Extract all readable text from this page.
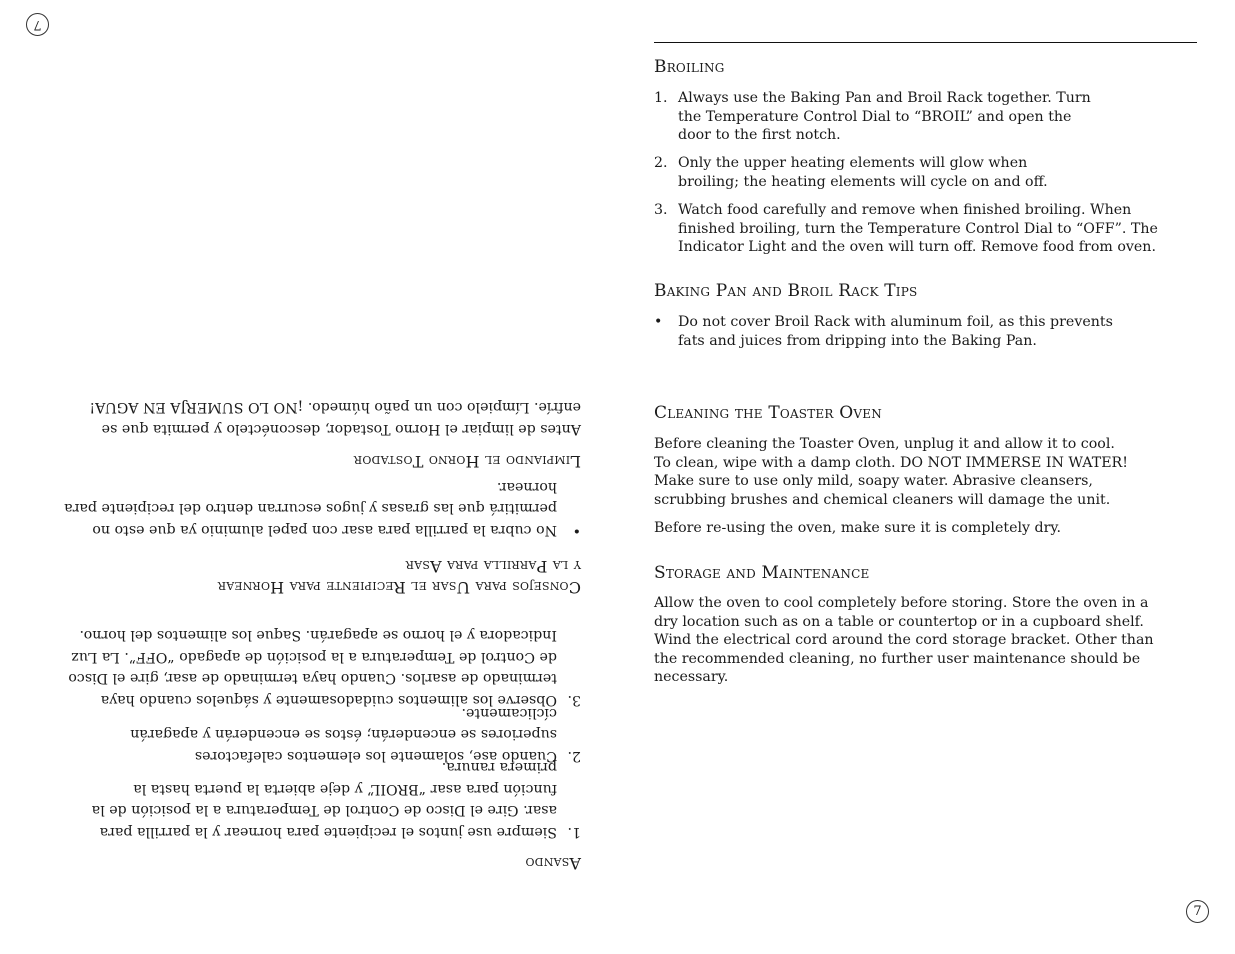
7
7
Broiling
1. Always use the Baking Pan and Broil Rack together. Turn the Temperature Control Dial to “BROIL” and open the door to the first notch.
2. Only the upper heating elements will glow when broiling; the heating elements will cycle on and off.
3. Watch food carefully and remove when finished broiling. When finished broiling, turn the Temperature Control Dial to “OFF”. The Indicator Light and the oven will turn off. Remove food from oven.
Baking Pan and Broil Rack Tips
• Do not cover Broil Rack with aluminum foil, as this prevents fats and juices from dripping into the Baking Pan.
Cleaning the Toaster Oven
Before cleaning the Toaster Oven, unplug it and allow it to cool. To clean, wipe with a damp cloth. DO NOT IMMERSE IN WATER! Make sure to use only mild, soapy water. Abrasive cleansers, scrubbing brushes and chemical cleaners will damage the unit.
Before re-using the oven, make sure it is completely dry.
Storage and Maintenance
Allow the oven to cool completely before storing. Store the oven in a dry location such as on a table or countertop or in a cupboard shelf. Wind the electrical cord around the cord storage bracket. Other than the recommended cleaning, no further user maintenance should be necessary.
Asando
1.
Siempre use juntos el recipiente para hornear y la parrilla para asar. Gire el Disco de Control de Temperatura a la posición de la función para asar “BROIL” y deje abierta la puerta hasta la primera ranura.
2.
Cuando ase, solamente los elementos calefactores superiores se encenderán; éstos se encenderán y apagarán cíclicamente.
3.
Observe los alimentos cuidadosamente y sáquelos cuando haya terminado de asarlos. Cuando haya terminado de asar, gire el Disco de Control de Temperatura a la posición de apagado “OFF”. La Luz Indicadora y el horno se apagarán. Saque los alimentos del horno.
Consejos para Usar el Recipiente para Hornear
y la Parrilla para Asar
•
No cubra la parrilla para asar con papel aluminio ya que esto no permitirá que las grasas y jugos escurran dentro del recipiente para hornear.
Limpiando el Horno Tostador
Antes de limpiar el Horno Tostador, desconéctelo y permita que se enfríe. Límpielo con un paño húmedo. ¡NO LO SUMERJA EN AGUA!
